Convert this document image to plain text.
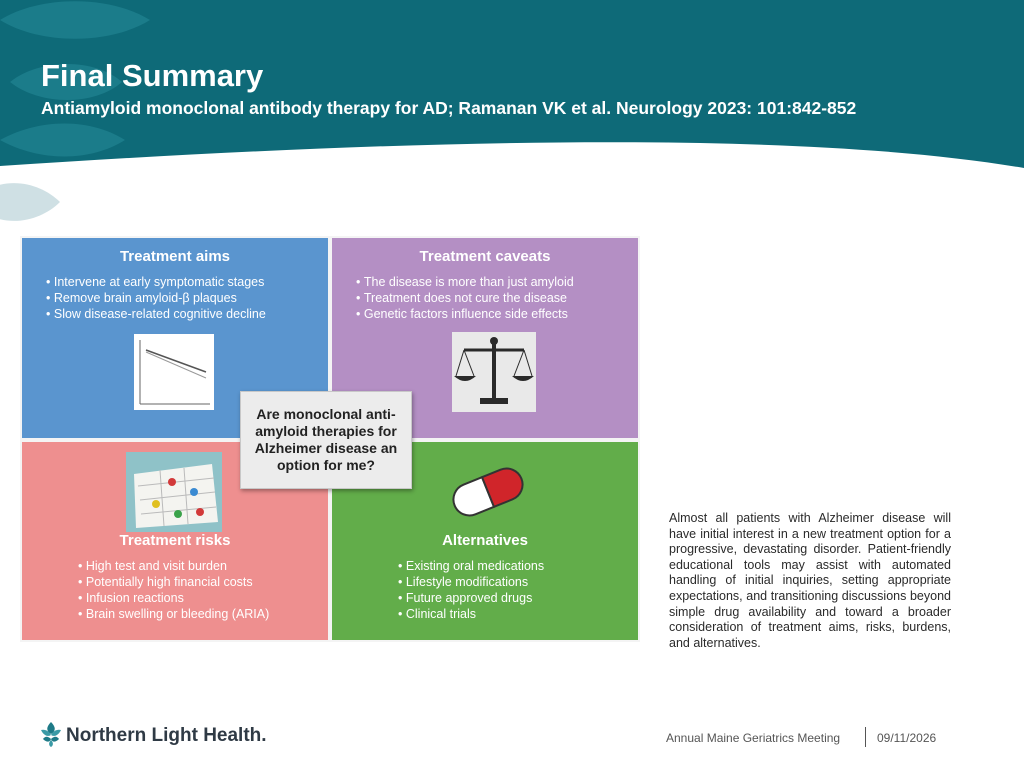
Final Summary
Antiamyloid monoclonal antibody therapy for AD; Ramanan VK et al. Neurology 2023: 101:842-852
Treatment aims
• Intervene at early symptomatic stages
• Remove brain amyloid-β plaques
• Slow disease-related cognitive decline
Treatment caveats
• The disease is more than just amyloid
• Treatment does not cure the disease
• Genetic factors influence side effects
Treatment risks
• High test and visit burden
• Potentially high financial costs
• Infusion reactions
• Brain swelling or bleeding (ARIA)
Alternatives
• Existing oral medications
• Lifestyle modifications
• Future approved drugs
• Clinical trials
Are monoclonal anti-amyloid therapies for Alzheimer disease an option for me?

Almost all patients with Alzheimer disease will have initial interest in a new treatment option for a progressive, devastating disorder. Patient-friendly educational tools may assist with automated handling of initial inquiries, setting appropriate expectations, and transitioning discussions beyond simple drug availability and toward a broader consideration of treatment aims, risks, burdens, and alternatives.

Northern Light Health.	Annual Maine Geriatrics Meeting	09/11/2026
